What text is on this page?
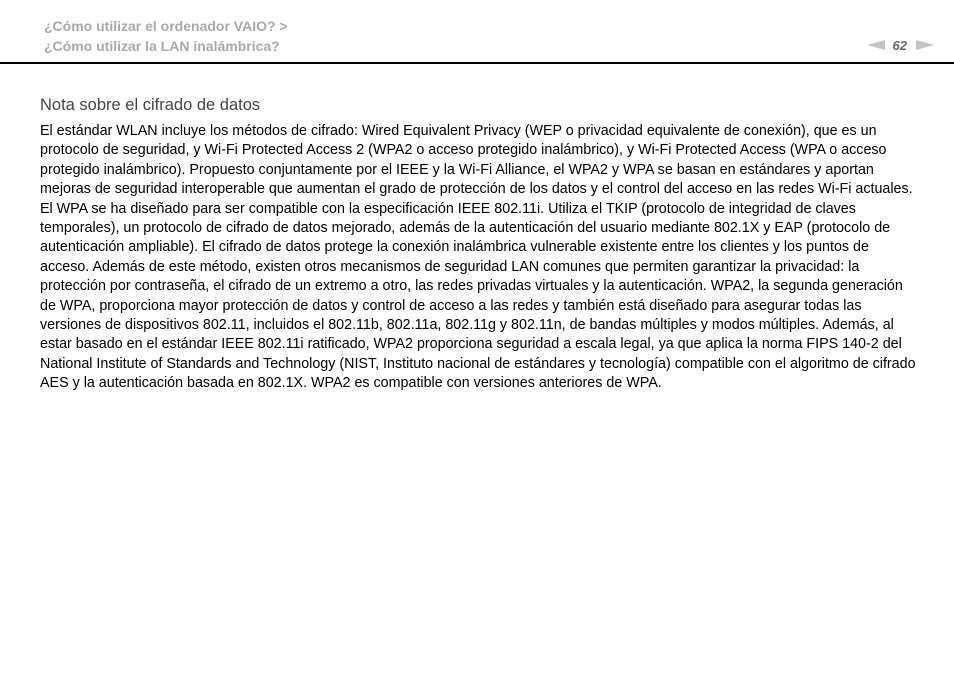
¿Cómo utilizar el ordenador VAIO? >
¿Cómo utilizar la LAN inalámbrica?	62
Nota sobre el cifrado de datos

El estándar WLAN incluye los métodos de cifrado: Wired Equivalent Privacy (WEP o privacidad equivalente de conexión), que es un protocolo de seguridad, y Wi-Fi Protected Access 2 (WPA2 o acceso protegido inalámbrico), y Wi-Fi Protected Access (WPA o acceso protegido inalámbrico). Propuesto conjuntamente por el IEEE y la Wi-Fi Alliance, el WPA2 y WPA se basan en estándares y aportan mejoras de seguridad interoperable que aumentan el grado de protección de los datos y el control del acceso en las redes Wi-Fi actuales. El WPA se ha diseñado para ser compatible con la especificación IEEE 802.11i. Utiliza el TKIP (protocolo de integridad de claves temporales), un protocolo de cifrado de datos mejorado, además de la autenticación del usuario mediante 802.1X y EAP (protocolo de autenticación ampliable). El cifrado de datos protege la conexión inalámbrica vulnerable existente entre los clientes y los puntos de acceso. Además de este método, existen otros mecanismos de seguridad LAN comunes que permiten garantizar la privacidad: la protección por contraseña, el cifrado de un extremo a otro, las redes privadas virtuales y la autenticación. WPA2, la segunda generación de WPA, proporciona mayor protección de datos y control de acceso a las redes y también está diseñado para asegurar todas las versiones de dispositivos 802.11, incluidos el 802.11b, 802.11a, 802.11g y 802.11n, de bandas múltiples y modos múltiples. Además, al estar basado en el estándar IEEE 802.11i ratificado, WPA2 proporciona seguridad a escala legal, ya que aplica la norma FIPS 140-2 del National Institute of Standards and Technology (NIST, Instituto nacional de estándares y tecnología) compatible con el algoritmo de cifrado AES y la autenticación basada en 802.1X. WPA2 es compatible con versiones anteriores de WPA.
